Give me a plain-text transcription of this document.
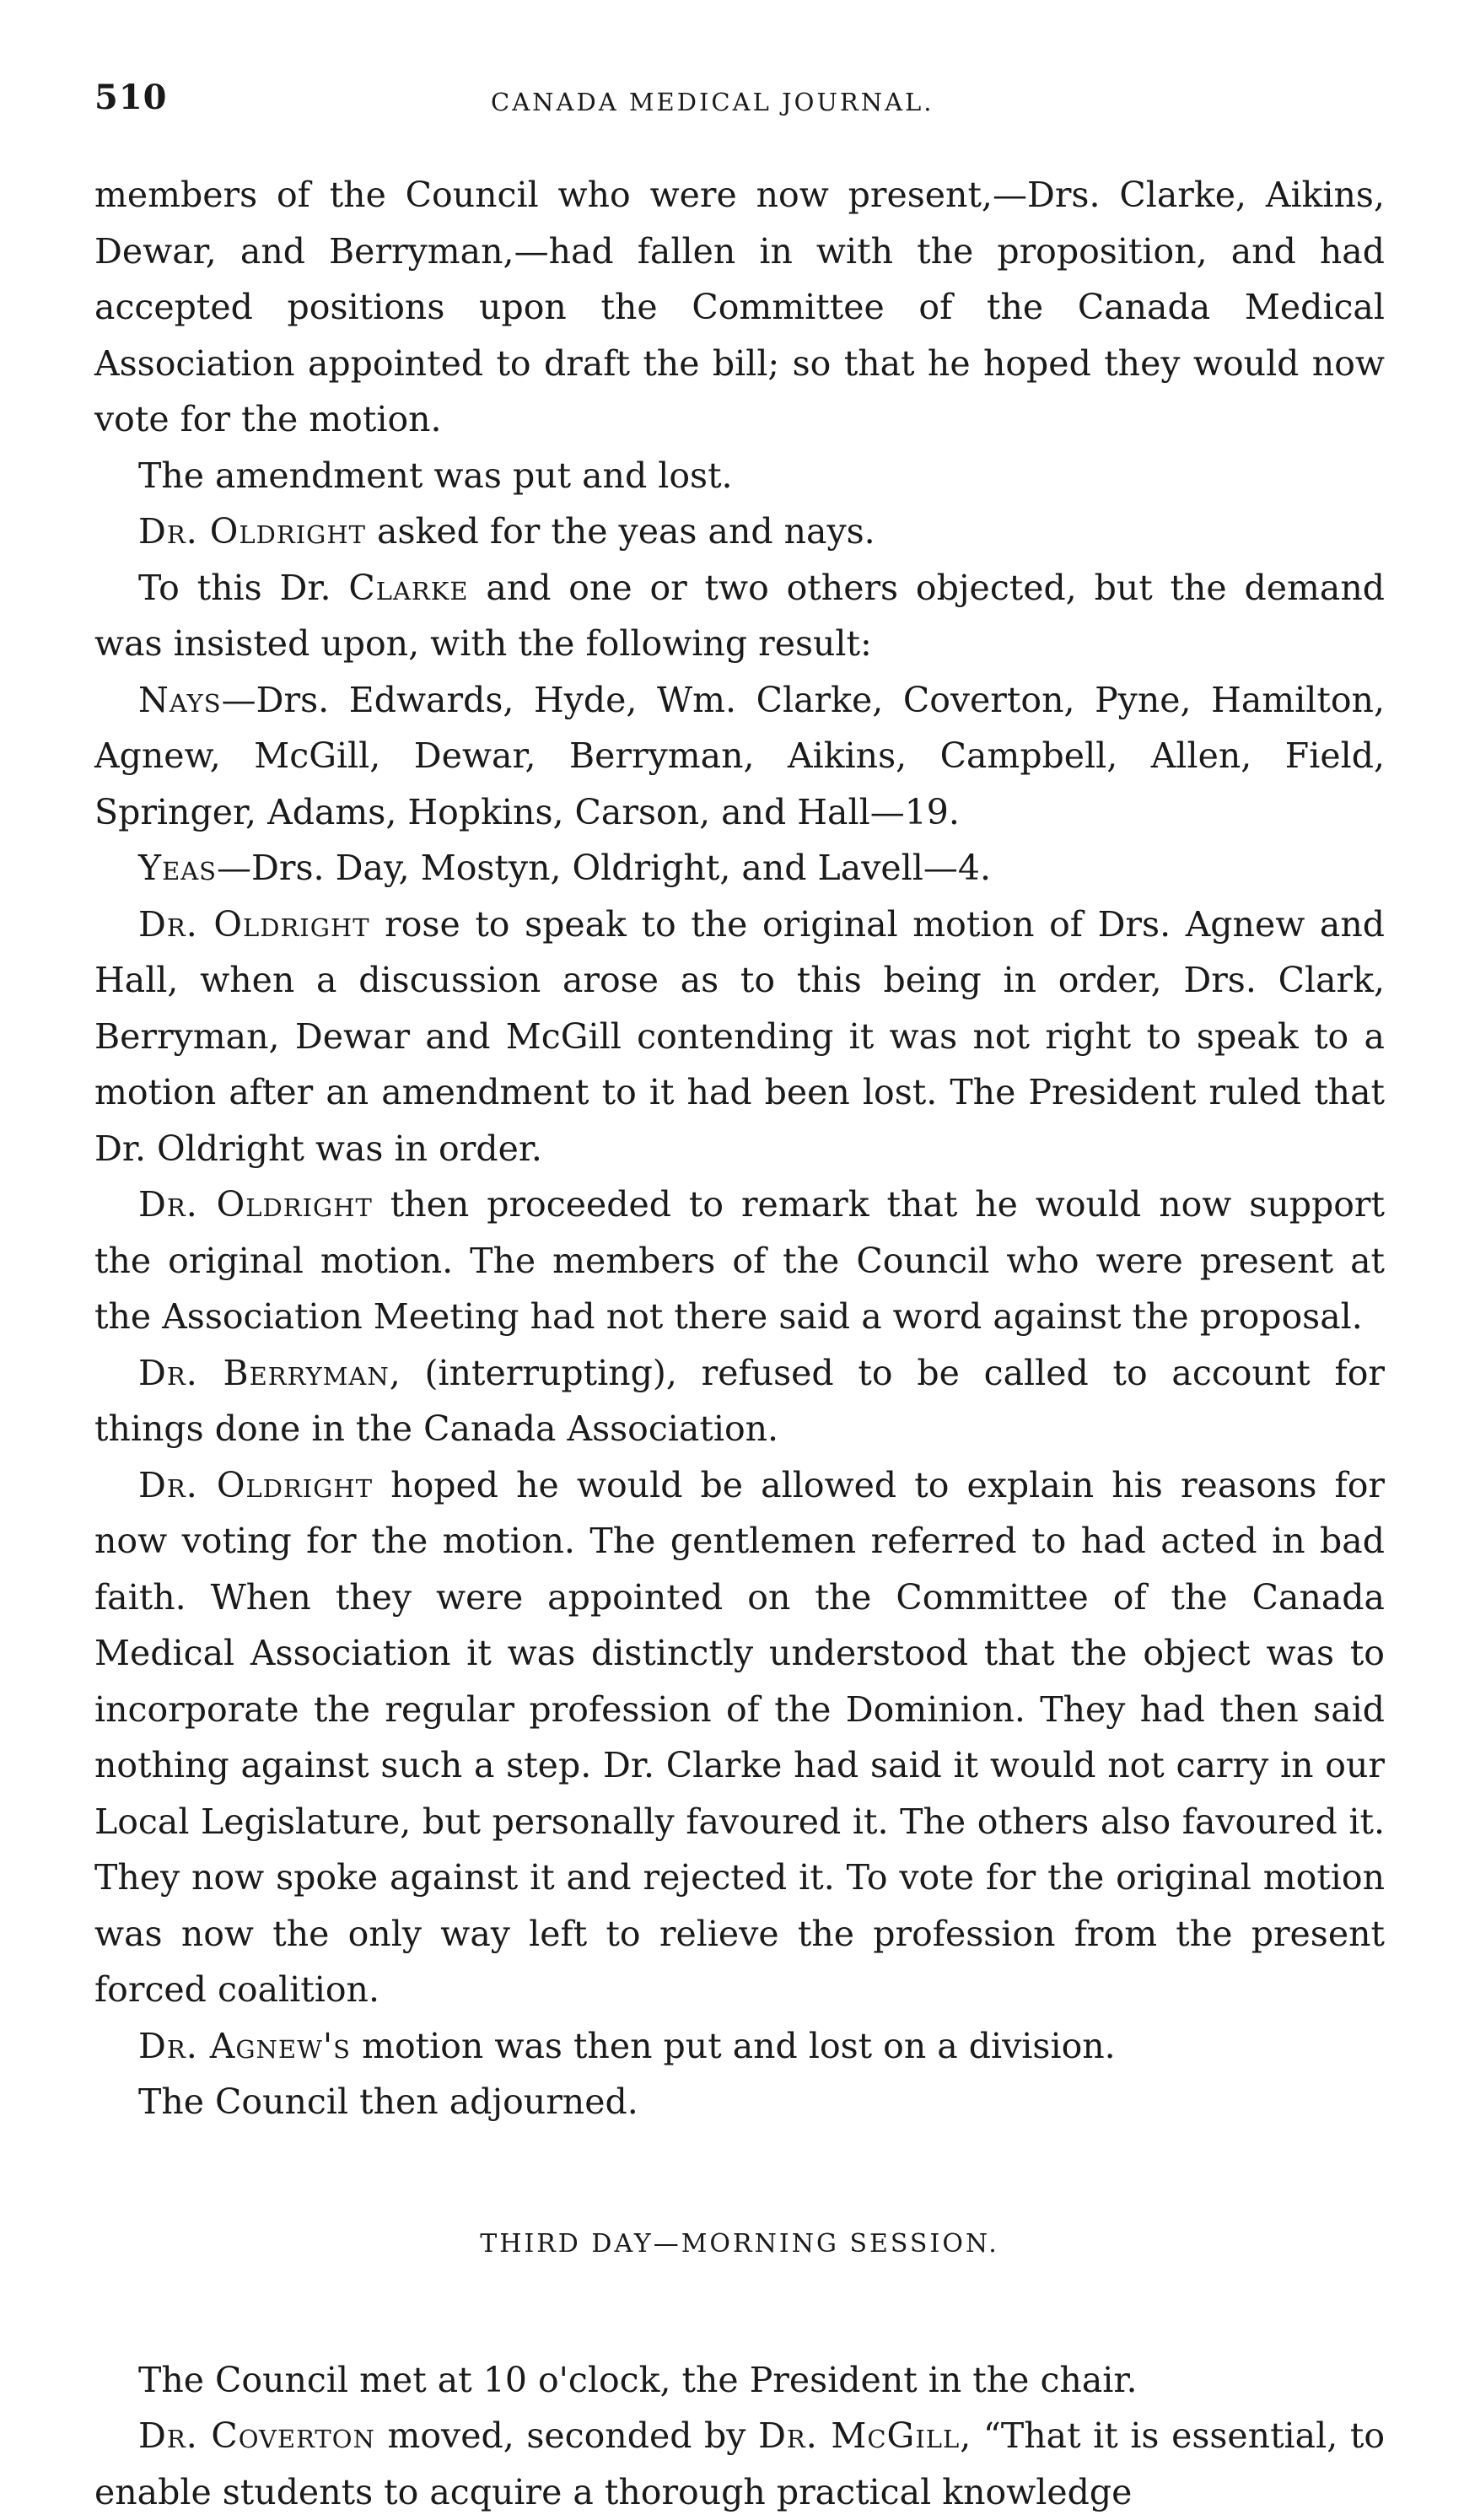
510	CANADA MEDICAL JOURNAL.

members of the Council who were now present,—Drs. Clarke, Aikins, Dewar, and Berryman,—had fallen in with the proposition, and had accepted positions upon the Committee of the Canada Medical Association appointed to draft the bill; so that he hoped they would now vote for the motion.

The amendment was put and lost.

Dr. Oldright asked for the yeas and nays.

To this Dr. Clarke and one or two others objected, but the demand was insisted upon, with the following result:

Nays—Drs. Edwards, Hyde, Wm. Clarke, Coverton, Pyne, Hamilton, Agnew, McGill, Dewar, Berryman, Aikins, Campbell, Allen, Field, Springer, Adams, Hopkins, Carson, and Hall—19.

Yeas—Drs. Day, Mostyn, Oldright, and Lavell—4.

Dr. Oldright rose to speak to the original motion of Drs. Agnew and Hall, when a discussion arose as to this being in order, Drs. Clark, Berryman, Dewar and McGill contending it was not right to speak to a motion after an amendment to it had been lost. The President ruled that Dr. Oldright was in order.

Dr. Oldright then proceeded to remark that he would now support the original motion. The members of the Council who were present at the Association Meeting had not there said a word against the proposal.

Dr. Berryman, (interrupting), refused to be called to account for things done in the Canada Association.

Dr. Oldright hoped he would be allowed to explain his reasons for now voting for the motion. The gentlemen referred to had acted in bad faith. When they were appointed on the Committee of the Canada Medical Association it was distinctly understood that the object was to incorporate the regular profession of the Dominion. They had then said nothing against such a step. Dr. Clarke had said it would not carry in our Local Legislature, but personally favoured it. The others also favoured it. They now spoke against it and rejected it. To vote for the original motion was now the only way left to relieve the profession from the present forced coalition.

Dr. Agnew's motion was then put and lost on a division.

The Council then adjourned.

THIRD DAY—MORNING SESSION.

The Council met at 10 o'clock, the President in the chair.

Dr. Coverton moved, seconded by Dr. McGill, “That it is essential, to enable students to acquire a thorough practical knowledge
